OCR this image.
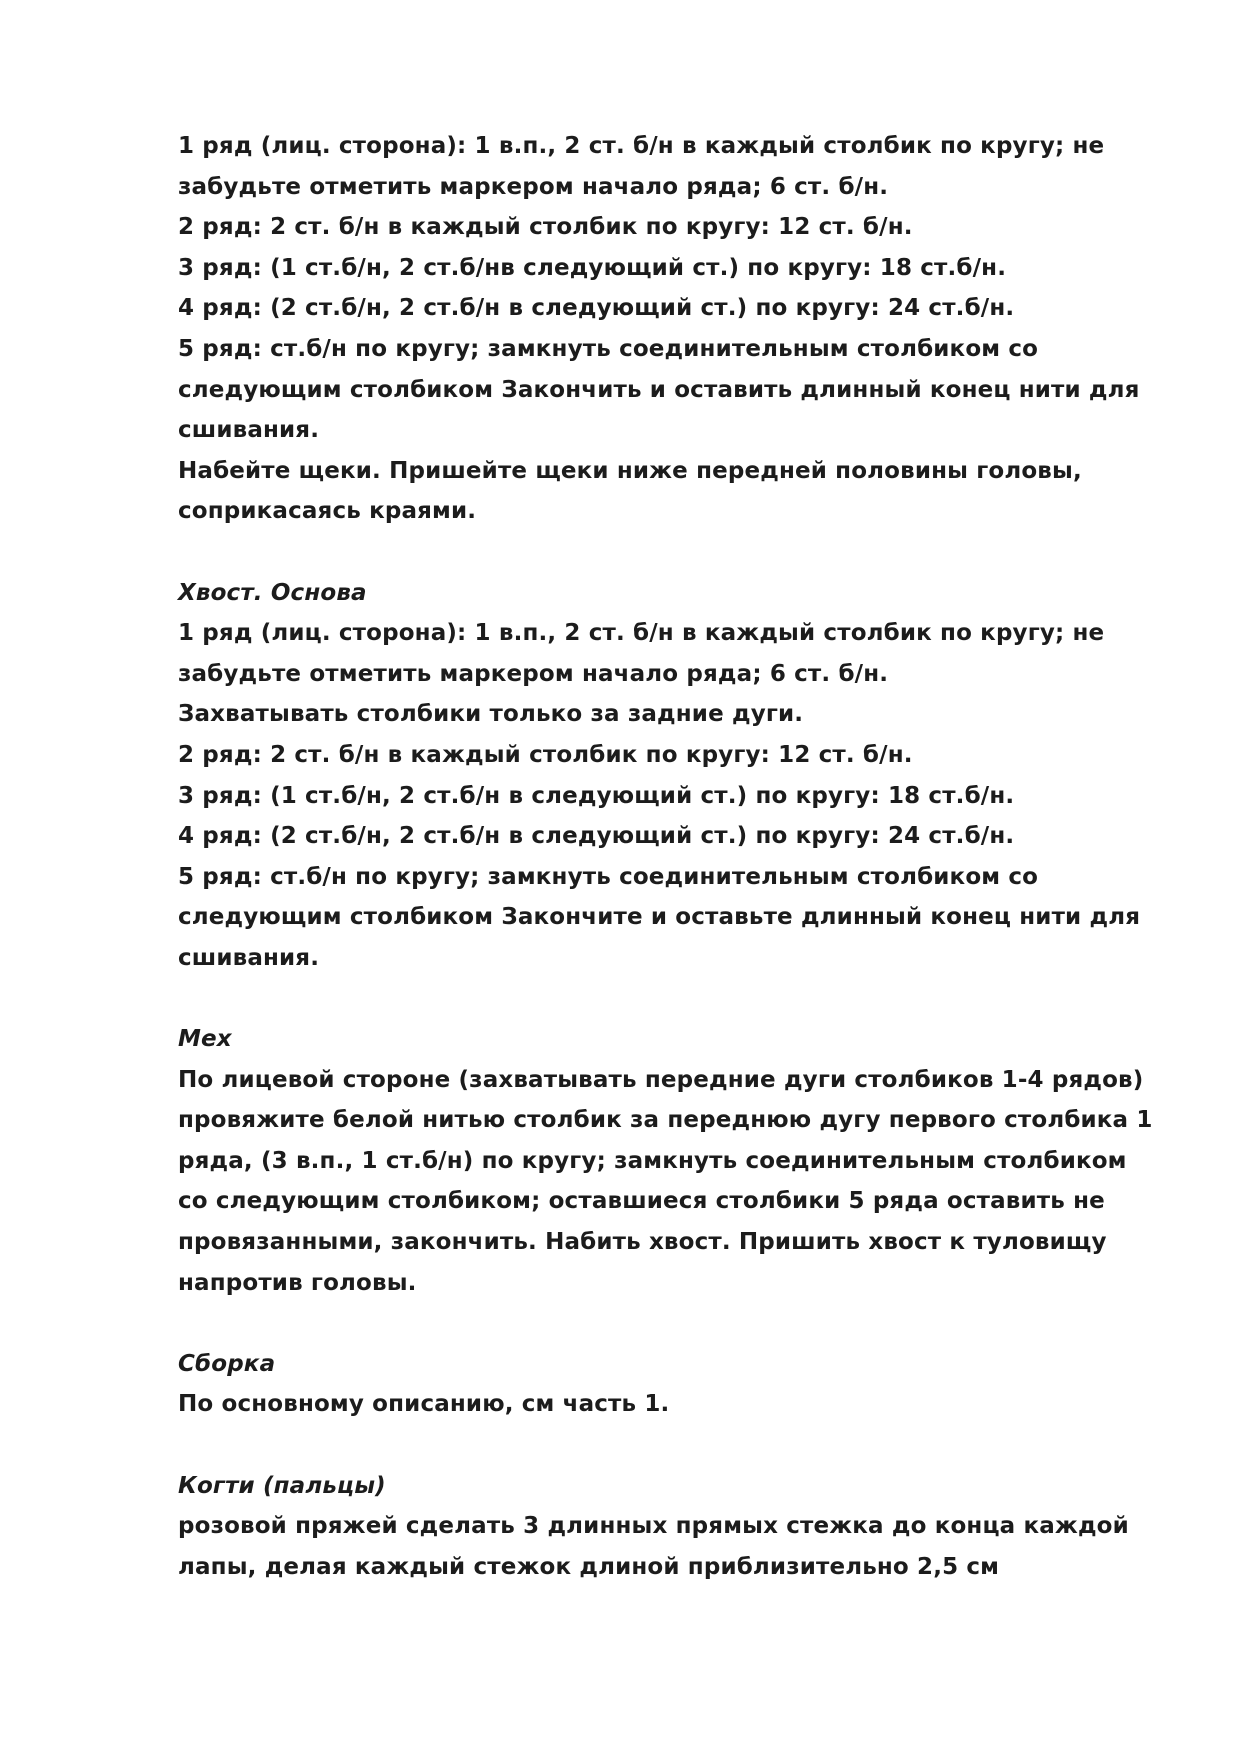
1 ряд (лиц. сторона): 1 в.п., 2 ст. б/н в каждый столбик по кругу; не
забудьте отметить маркером начало ряда; 6 ст. б/н.
2 ряд: 2 ст. б/н в каждый столбик по кругу: 12 ст. б/н.
3 ряд: (1 ст.б/н, 2 ст.б/нв следующий ст.) по кругу: 18 ст.б/н.
4 ряд: (2 ст.б/н, 2 ст.б/н в следующий ст.) по кругу: 24 ст.б/н.
5 ряд: ст.б/н по кругу; замкнуть соединительным столбиком со
следующим столбиком Закончить и оставить длинный конец нити для
сшивания.
Набейте щеки. Пришейте щеки ниже передней половины головы,
соприкасаясь краями.
Хвост. Основа
1 ряд (лиц. сторона): 1 в.п., 2 ст. б/н в каждый столбик по кругу; не
забудьте отметить маркером начало ряда; 6 ст. б/н.
Захватывать столбики только за задние дуги.
2 ряд: 2 ст. б/н в каждый столбик по кругу: 12 ст. б/н.
3 ряд: (1 ст.б/н, 2 ст.б/н в следующий ст.) по кругу: 18 ст.б/н.
4 ряд: (2 ст.б/н, 2 ст.б/н в следующий ст.) по кругу: 24 ст.б/н.
5 ряд: ст.б/н по кругу; замкнуть соединительным столбиком со
следующим столбиком Закончите и оставьте длинный конец нити для
сшивания.
Мех
По лицевой стороне (захватывать передние дуги столбиков 1-4 рядов)
провяжите белой нитью столбик за переднюю дугу первого столбика 1
ряда, (3 в.п., 1 ст.б/н) по кругу; замкнуть соединительным столбиком
со следующим столбиком; оставшиеся столбики 5 ряда оставить не
провязанными, закончить. Набить хвост. Пришить хвост к туловищу
напротив головы.
Сборка
По основному описанию, см часть 1.
Когти (пальцы)
розовой пряжей сделать 3 длинных прямых стежка до конца каждой
лапы, делая каждый стежок длиной приблизительно 2,5 см
